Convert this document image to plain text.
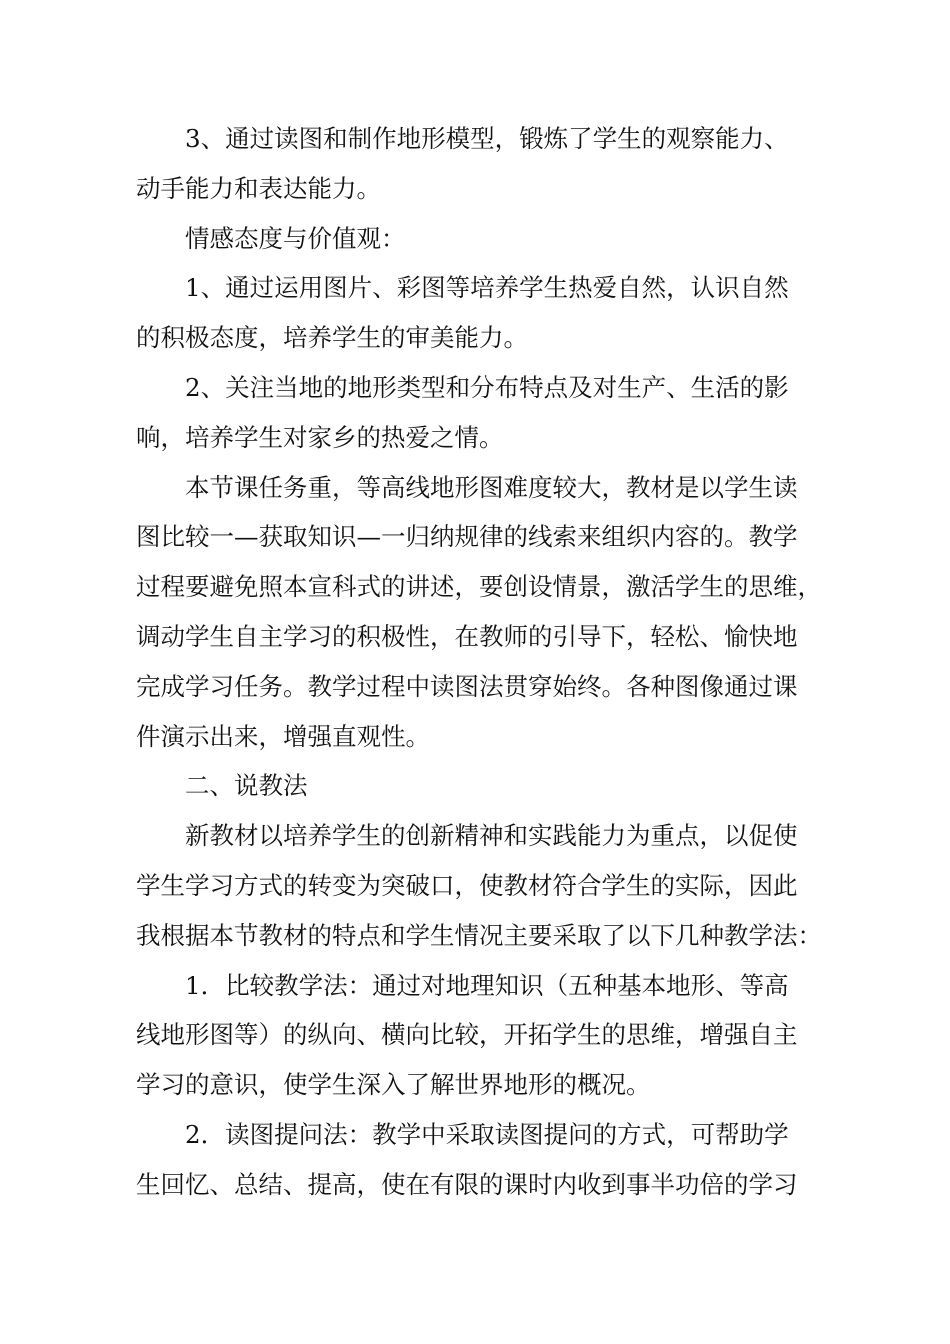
3、通过读图和制作地形模型，锻炼了学生的观察能力、
动手能力和表达能力。
情感态度与价值观：
1、通过运用图片、彩图等培养学生热爱自然，认识自然
的积极态度，培养学生的审美能力。
2、关注当地的地形类型和分布特点及对生产、生活的影
响，培养学生对家乡的热爱之情。
本节课任务重，等高线地形图难度较大，教材是以学生读
图比较一—获取知识—一归纳规律的线索来组织内容的。教学
过程要避免照本宣科式的讲述，要创设情景，激活学生的思维，
调动学生自主学习的积极性，在教师的引导下，轻松、愉快地
完成学习任务。教学过程中读图法贯穿始终。各种图像通过课
件演示出来，增强直观性。
二、说教法
新教材以培养学生的创新精神和实践能力为重点，以促使
学生学习方式的转变为突破口，使教材符合学生的实际，因此
我根据本节教材的特点和学生情况主要采取了以下几种教学法：
1．比较教学法：通过对地理知识（五种基本地形、等高
线地形图等）的纵向、横向比较，开拓学生的思维，增强自主
学习的意识，使学生深入了解世界地形的概况。
2．读图提问法：教学中采取读图提问的方式，可帮助学
生回忆、总结、提高，使在有限的课时内收到事半功倍的学习
